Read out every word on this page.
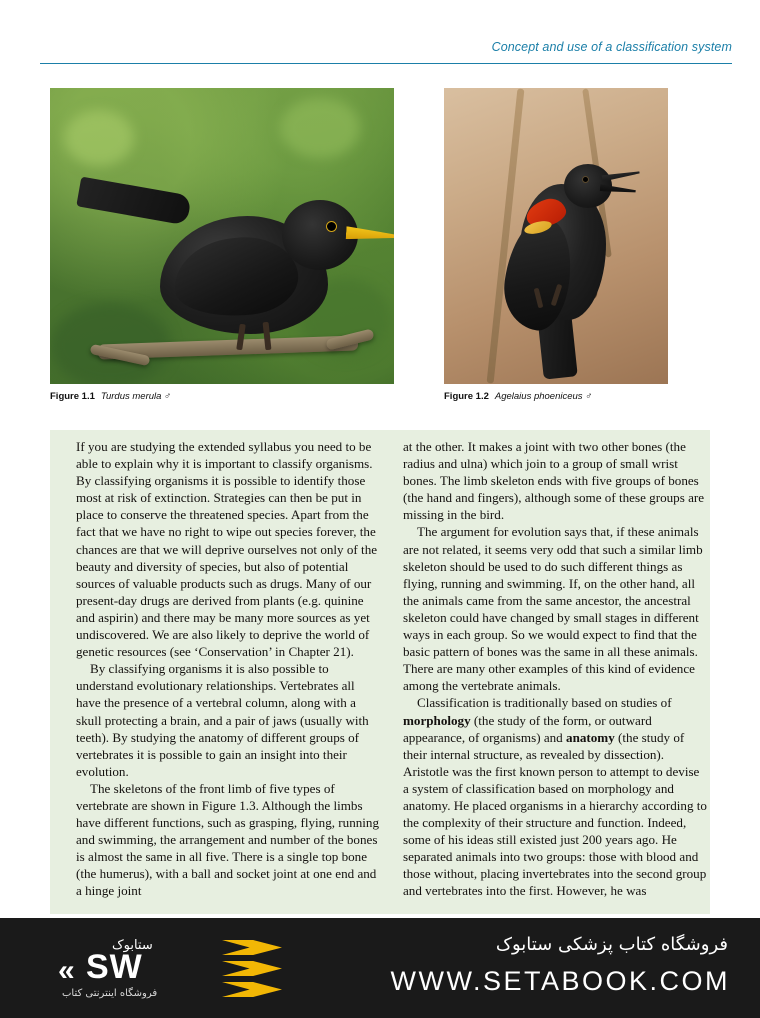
Concept and use of a classification system
Figure 1.1 Turdus merula ♂	Figure 1.2 Agelaius phoeniceus ♂

If you are studying the extended syllabus you need to be able to explain why it is important to classify organisms. By classifying organisms it is possible to identify those most at risk of extinction. Strategies can then be put in place to conserve the threatened species. Apart from the fact that we have no right to wipe out species forever, the chances are that we will deprive ourselves not only of the beauty and diversity of species, but also of potential sources of valuable products such as drugs. Many of our present-day drugs are derived from plants (e.g. quinine and aspirin) and there may be many more sources as yet undiscovered. We are also likely to deprive the world of genetic resources (see ‘Conservation’ in Chapter 21).

By classifying organisms it is also possible to understand evolutionary relationships. Vertebrates all have the presence of a vertebral column, along with a skull protecting a brain, and a pair of jaws (usually with teeth). By studying the anatomy of different groups of vertebrates it is possible to gain an insight into their evolution.

The skeletons of the front limb of five types of vertebrate are shown in Figure 1.3. Although the limbs have different functions, such as grasping, flying, running and swimming, the arrangement and number of the bones is almost the same in all five. There is a single top bone (the humerus), with a ball and socket joint at one end and a hinge joint

at the other. It makes a joint with two other bones (the radius and ulna) which join to a group of small wrist bones. The limb skeleton ends with five groups of bones (the hand and fingers), although some of these groups are missing in the bird.

The argument for evolution says that, if these animals are not related, it seems very odd that such a similar limb skeleton should be used to do such different things as flying, running and swimming. If, on the other hand, all the animals came from the same ancestor, the ancestral skeleton could have changed by small stages in different ways in each group. So we would expect to find that the basic pattern of bones was the same in all these animals. There are many other examples of this kind of evidence among the vertebrate animals.

Classification is traditionally based on studies of morphology (the study of the form, or outward appearance, of organisms) and anatomy (the study of their internal structure, as revealed by dissection). Aristotle was the first known person to attempt to devise a system of classification based on morphology and anatomy. He placed organisms in a hierarchy according to the complexity of their structure and function. Indeed, some of his ideas still existed just 200 years ago. He separated animals into two groups: those with blood and those without, placing invertebrates into the second group and vertebrates into the first. However, he was

« SW
ستابوک
فروشگاه اینترنتی کتاب
فروشگاه کتاب پزشکی ستابوک
WWW.SETABOOK.COM
